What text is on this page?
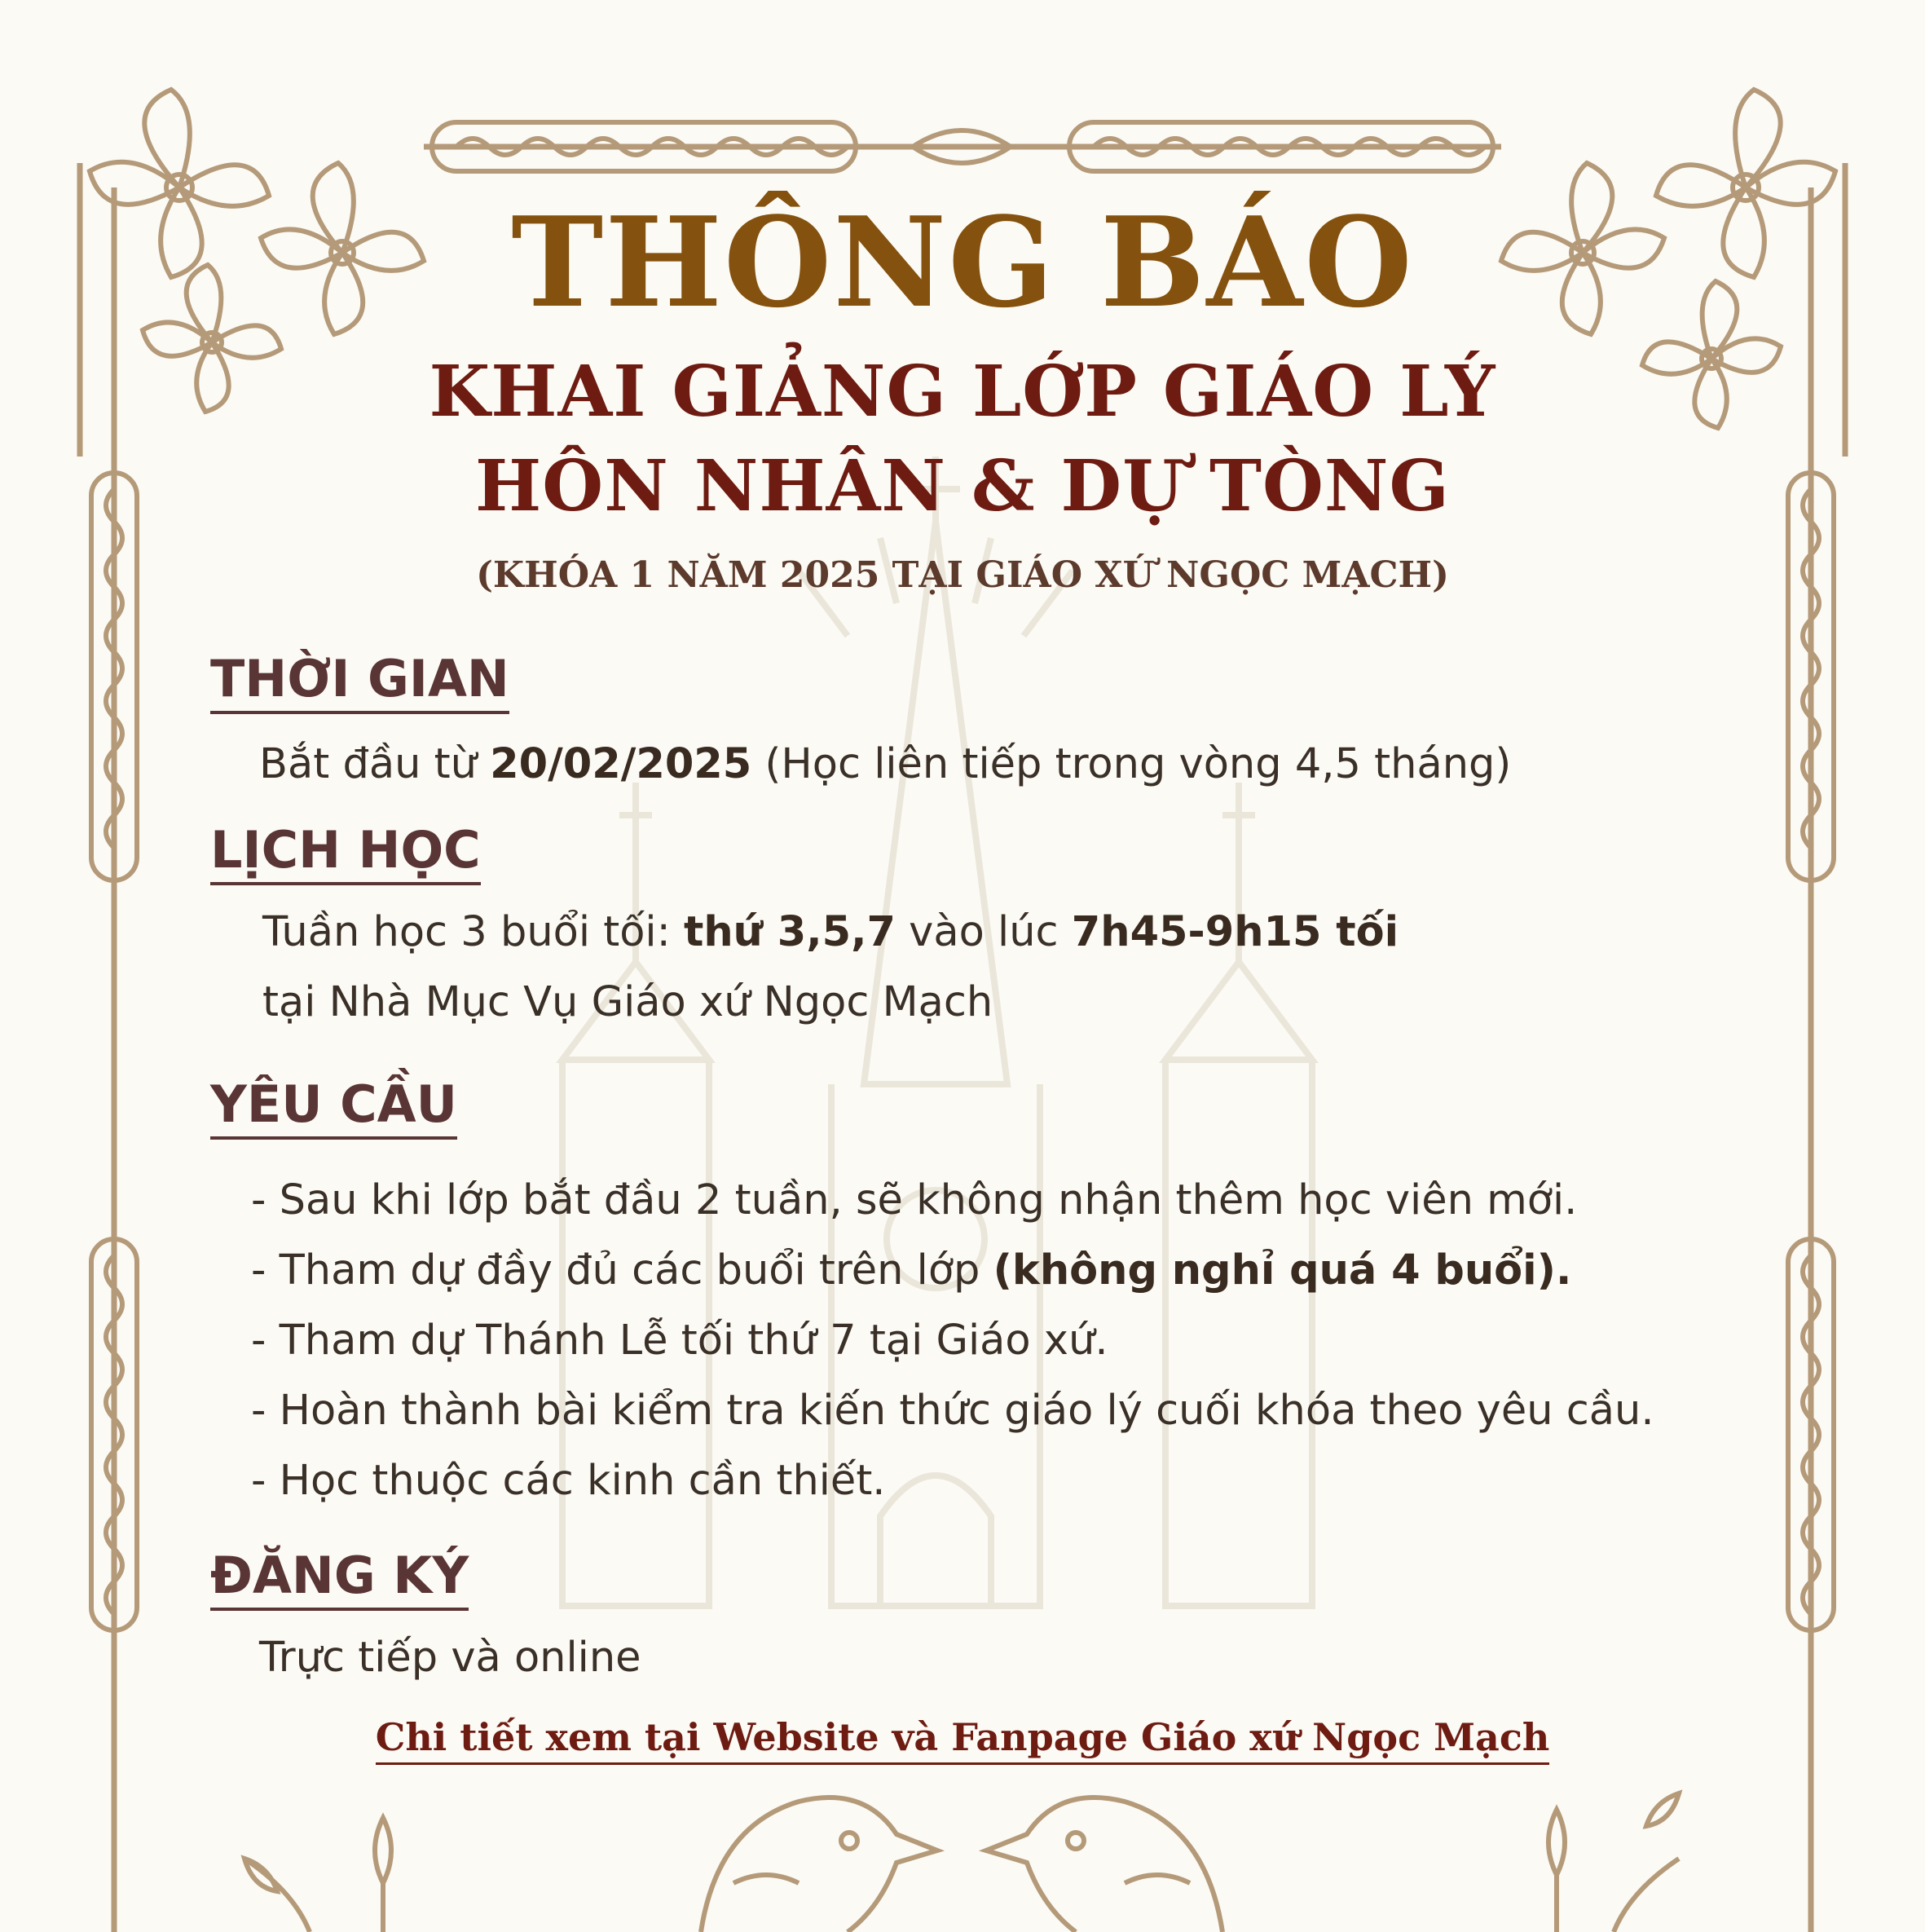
THÔNG BÁO
KHAI GIẢNG LỚP GIÁO LÝ
HÔN NHÂN & DỰ TÒNG

(KHÓA 1 NĂM 2025 TẠI GIÁO XỨ NGỌC MẠCH)

THỜI GIAN

Bắt đầu từ 20/02/2025 (Học liên tiếp trong vòng 4,5 tháng)

LỊCH HỌC

Tuần học 3 buổi tối: thứ 3,5,7 vào lúc 7h45-9h15 tối

tại Nhà Mục Vụ Giáo xứ Ngọc Mạch

YÊU CẦU
- Sau khi lớp bắt đầu 2 tuần, sẽ không nhận thêm học viên mới.
- Tham dự đầy đủ các buổi trên lớp (không nghỉ quá 4 buổi).
- Tham dự Thánh Lễ tối thứ 7 tại Giáo xứ.
- Hoàn thành bài kiểm tra kiến thức giáo lý cuối khóa theo yêu cầu.
- Học thuộc các kinh cần thiết.
ĐĂNG KÝ

Trực tiếp và online

Chi tiết xem tại Website và Fanpage Giáo xứ Ngọc Mạch
